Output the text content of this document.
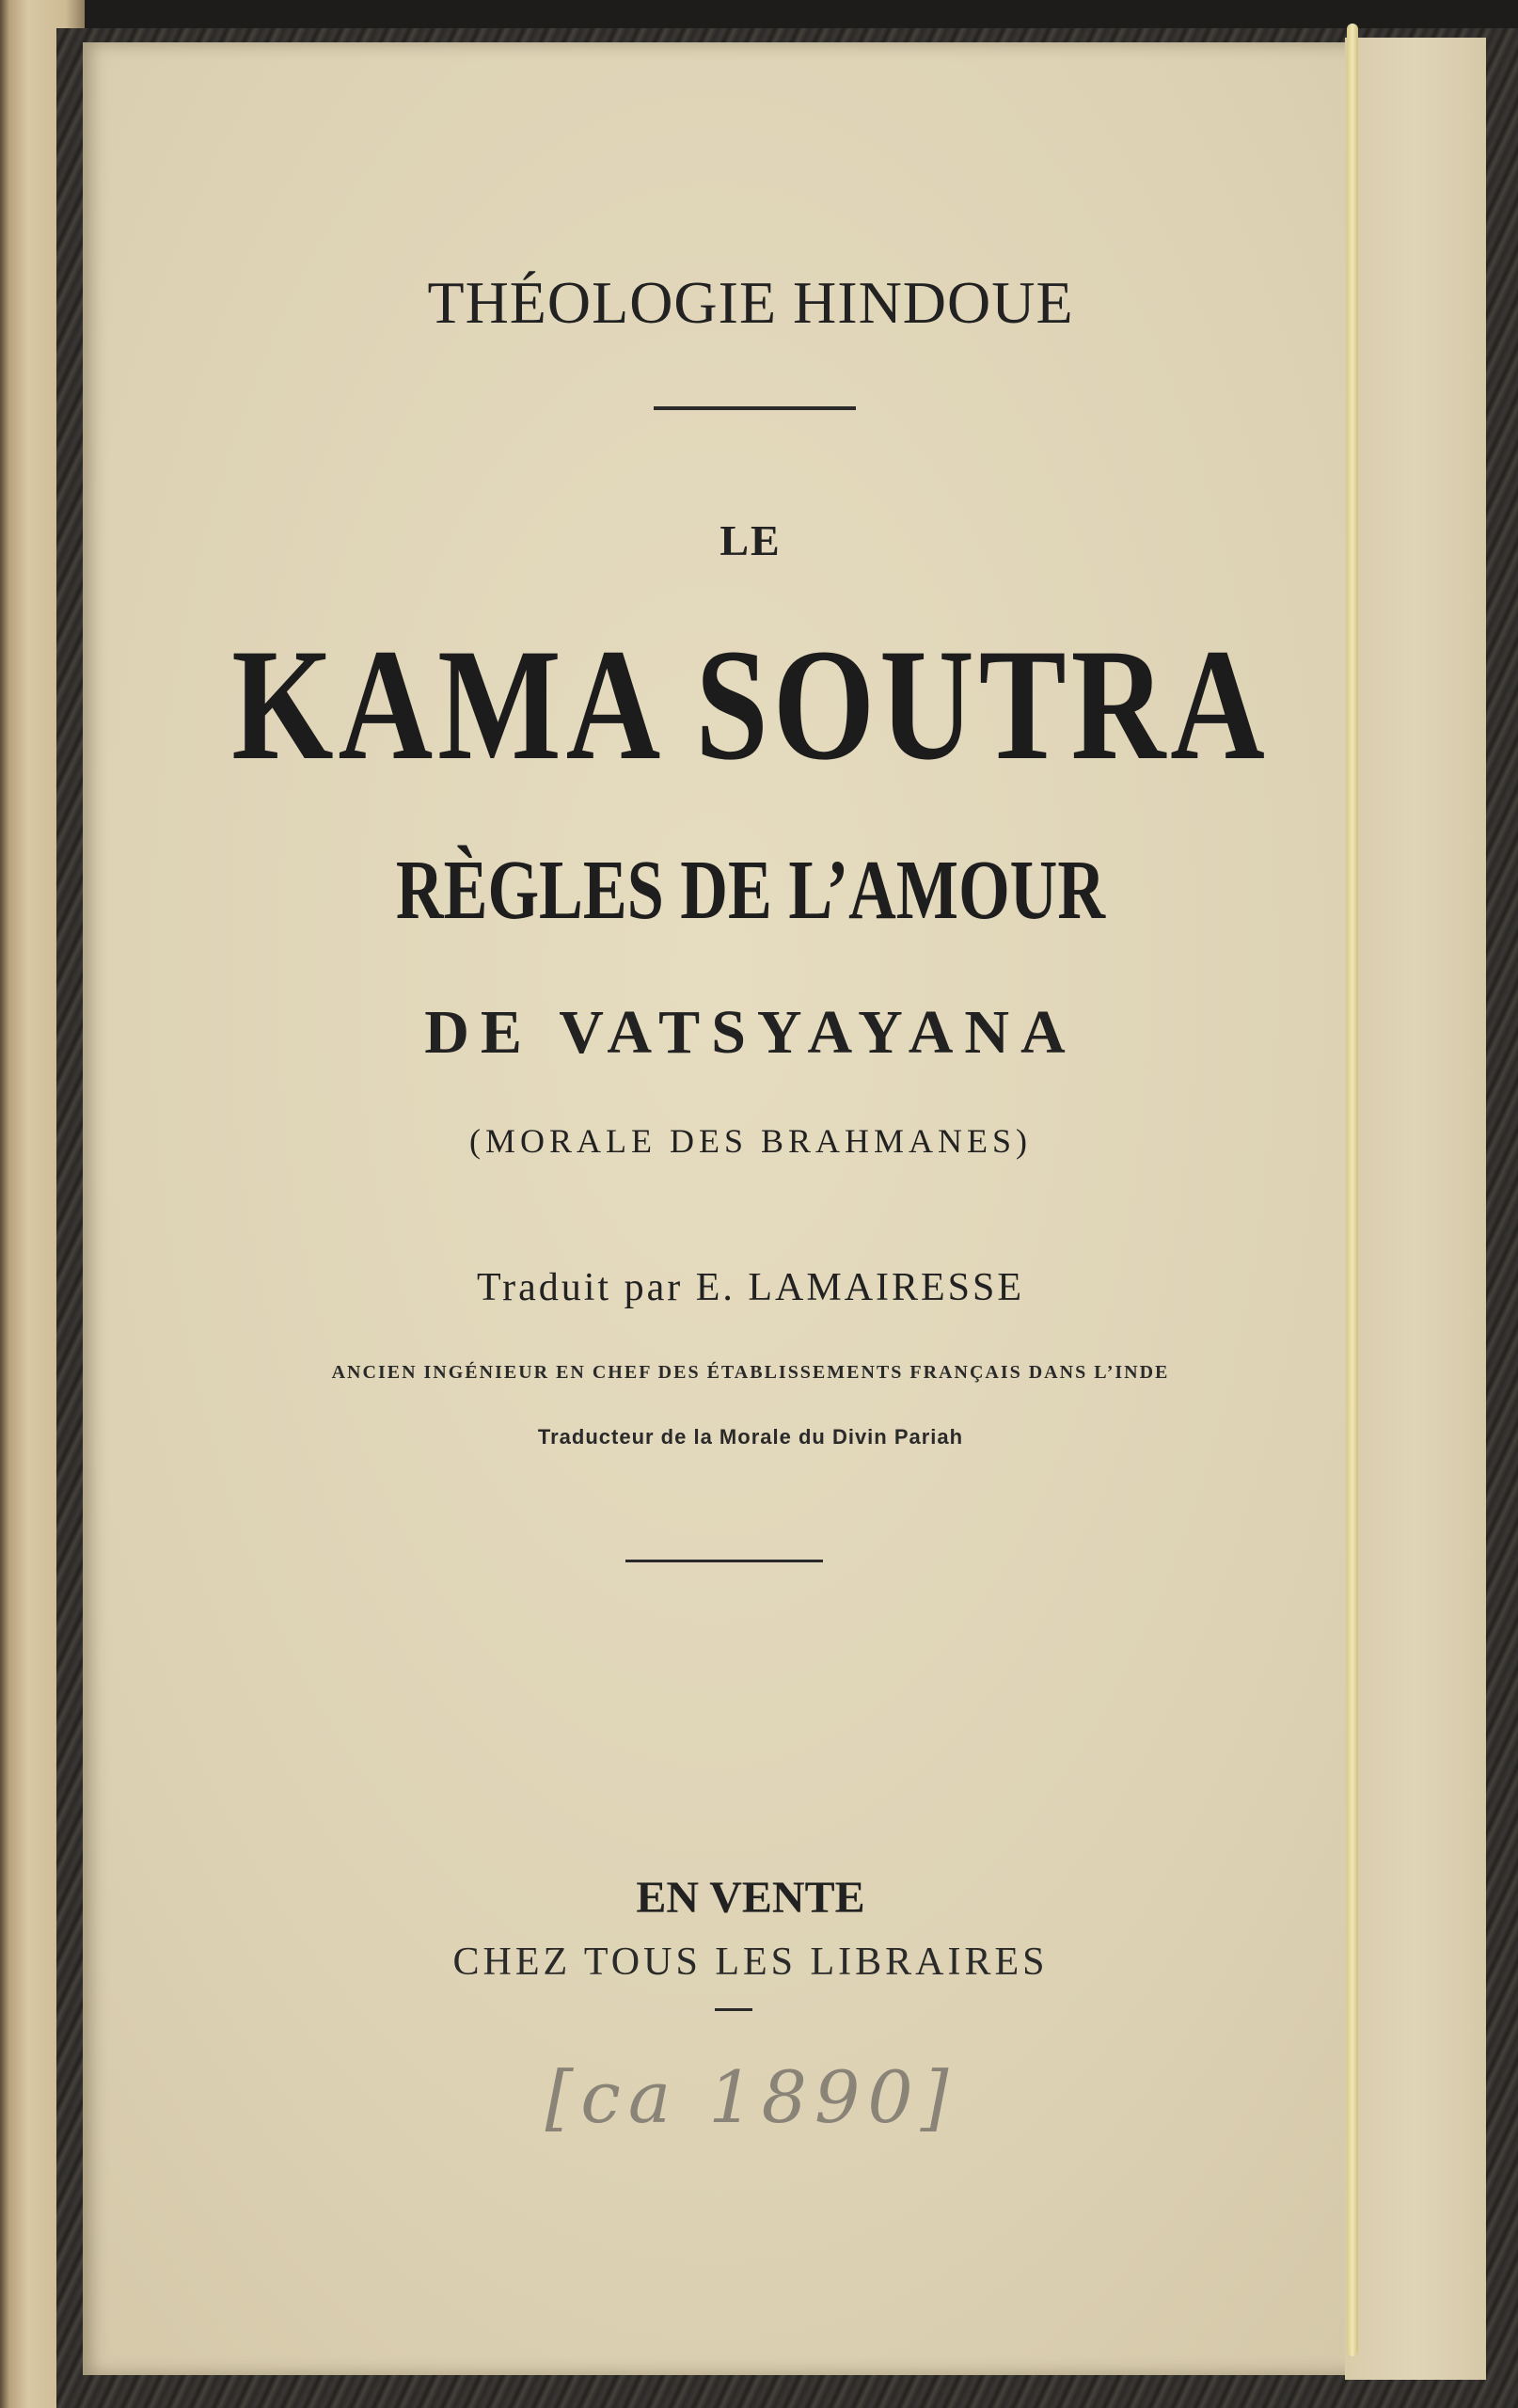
THÉOLOGIE HINDOUE
LE
KAMA SOUTRA
RÈGLES DE L’AMOUR
DE VATSYAYANA
(MORALE DES BRAHMANES)
Traduit par E. LAMAIRESSE
ANCIEN INGÉNIEUR EN CHEF DES ÉTABLISSEMENTS FRANÇAIS DANS L’INDE
Traducteur de la Morale du Divin Pariah
EN VENTE
CHEZ TOUS LES LIBRAIRES
[ca 1890]
